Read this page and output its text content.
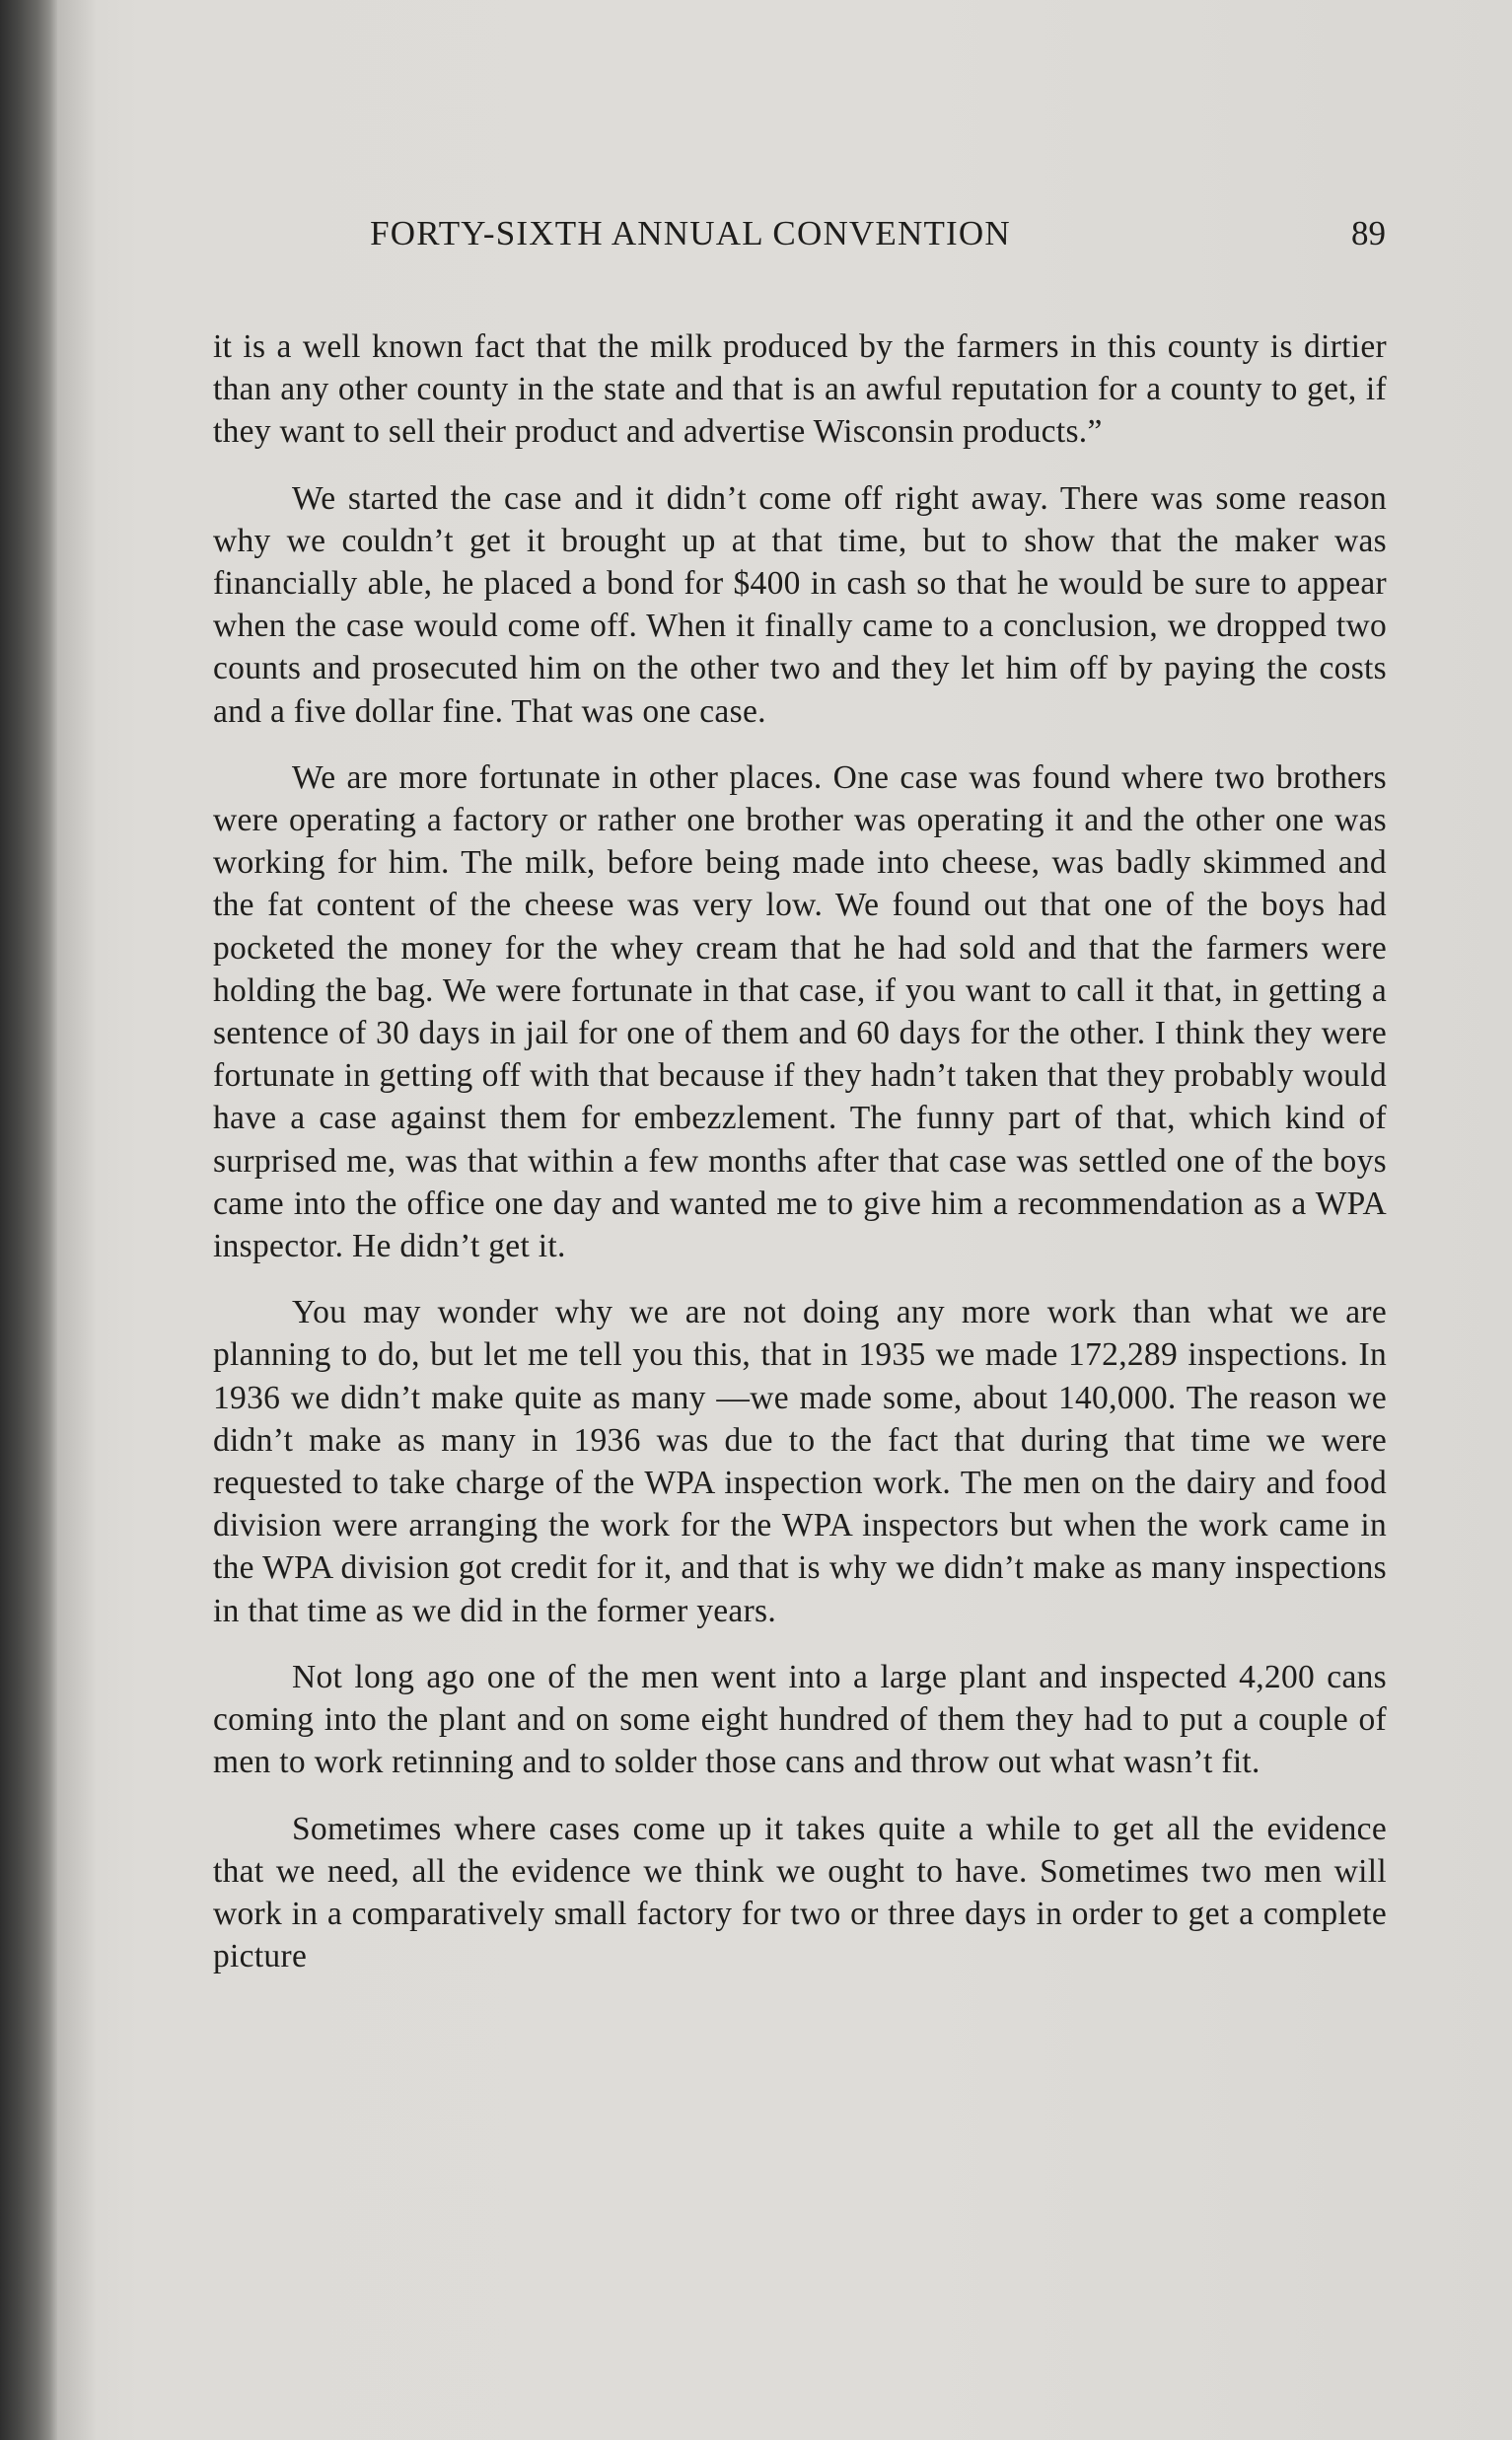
FORTY-SIXTH ANNUAL CONVENTION	89

it is a well known fact that the milk produced by the farmers in this county is dirtier than any other county in the state and that is an awful reputation for a county to get, if they want to sell their product and advertise Wisconsin products.”

We started the case and it didn’t come off right away. There was some reason why we couldn’t get it brought up at that time, but to show that the maker was financially able, he placed a bond for $400 in cash so that he would be sure to appear when the case would come off. When it finally came to a conclusion, we dropped two counts and prosecuted him on the other two and they let him off by paying the costs and a five dollar fine. That was one case.

We are more fortunate in other places. One case was found where two brothers were operating a factory or rather one brother was operating it and the other one was working for him. The milk, before being made into cheese, was badly skimmed and the fat content of the cheese was very low. We found out that one of the boys had pocketed the money for the whey cream that he had sold and that the farmers were holding the bag. We were fortunate in that case, if you want to call it that, in getting a sentence of 30 days in jail for one of them and 60 days for the other. I think they were fortunate in getting off with that because if they hadn’t taken that they probably would have a case against them for embezzlement. The funny part of that, which kind of surprised me, was that within a few months after that case was settled one of the boys came into the office one day and wanted me to give him a recommendation as a WPA inspector. He didn’t get it.

You may wonder why we are not doing any more work than what we are planning to do, but let me tell you this, that in 1935 we made 172,289 inspections. In 1936 we didn’t make quite as many —we made some, about 140,000. The reason we didn’t make as many in 1936 was due to the fact that during that time we were requested to take charge of the WPA inspection work. The men on the dairy and food division were arranging the work for the WPA inspectors but when the work came in the WPA division got credit for it, and that is why we didn’t make as many inspections in that time as we did in the former years.

Not long ago one of the men went into a large plant and inspected 4,200 cans coming into the plant and on some eight hundred of them they had to put a couple of men to work retinning and to solder those cans and throw out what wasn’t fit.

Sometimes where cases come up it takes quite a while to get all the evidence that we need, all the evidence we think we ought to have. Sometimes two men will work in a comparatively small factory for two or three days in order to get a complete picture
